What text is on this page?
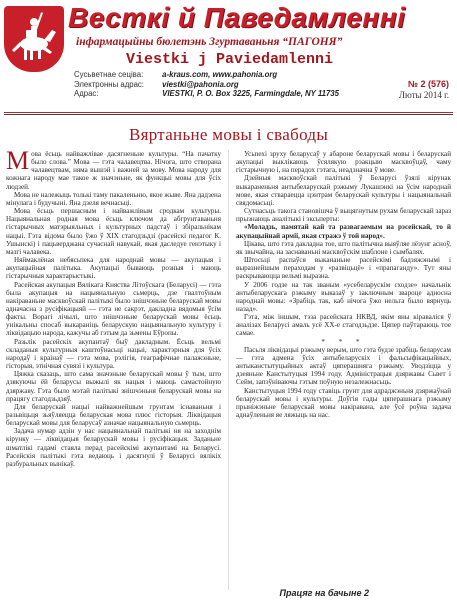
Весткі й Паведамленні
інфармацыйны бюлетэнь Згуртаваньня “ПАГОНЯ”
Viestki j Paviedamlenni
Сусьветнае сеціва: a-kraus.com, www.pahonia.org
Электронны адрас: viestki@pahonia.org
Адрас:	VIESTKI, P. O. Box 3225, Farmingdale, NY 11735
№ 2 (576)
Люты 2014 г.
Вяртаньне мовы і свабоды

Мова ёсьць найважлівае дасягненьне культуры. “На пачатку было слова.” Мова — гэта чалавецтва. Нічога, што створана чалавецтвам, няма вышэй і важней за мову. Мова народу для кожнага народу мае такое ж значэньне, як функцыі мовы для ўсіх людзей.

Мова не належыць толькі таму пакаленьню, якое жыве. Яна дадзена мінулага і будучыні. Яна дзеля вечнасьці.

Мова ёсьць першасным і найважлівым сродкам культуры. Нацыянальная родная мова ёсьць ключом да абгрунтаваньня гістарычных матэрыяльных і культурных падстаў і збіральнікам нацыі. Гэта відома было ўжо ў XIX стагодзьдзі (расейскі педагог К. Ушынскі) і пацьверджана сучаснай навукай, якая даследуе генэтыку і мазгі чалавека.

Няймаклёная небясьпека для народнай мовы — акупацыя і акупацыйная палітыка. Акупацыі бываюць розныя і маюць гістарычныя характарыстыкі.

Расейская акупацыя Вялікага Княства Літоўскага (Беларусі) — гэта была акупацыя на нацыянальную сьмерць, дзе гвалтоўным накіраваньне масквоўскай палітыкі было знішчэньне беларускай мовы адначасна з русіфікацыяй — гэта не сакрэт, дакладна вядомыя ўсім факты. Ворагі лічылі, што знішчэньне беларускай мовы ёсьць унікальны спосаб выкараніць беларускую нацыянальную культуру і ліквідацыю народа, кажучы аб гэтым да зьмены Еўропы.

Разьлік расейскіх акупантаў быў дакладным. Ёсьць вельмі складаныя культурныя каштоўнасьці нацыі, характэрныя для ўсіх народаў і краінаў — гэта мова, рэлігія, геаграфічнае палажэньне, гісторыя, этнічная сувязі і культура.

Цяжка сказаць, што сама значэньне беларускай мовы ў тым, што дзякуючы ёй беларусы выжылі як нацыя і маюць самастойную дзяржаву. Гэта было мэтай палітыкі знішчэньня беларускай мовы на працягу стагодзьдзяў.

Для беларускай нацыі найважнейшым грунтам існаваньня і разьвіцьця зьяўляецца беларуская мова плюс гісторыя. Ліквідацыя беларускай мовы для беларусаў азначае нацыянальную сьмерць.

Задача нумар адзін у нас нацыянальнай палітыкі ня на заходнім кірунку — ліквідацыя беларускай мовы і русіфікацыя. Заданьне шматлікі гадамі стаяла перад расейскімі акупантамі на Беларусі. Расейскія палітыкі гэта ведаюць і дасягнулі ў Беларусі вялікіх разбуральных вынікаў.

Усьпехі зруху беларусаў у абароне беларускай мовы і беларускай акупацыі выклікаюць ўсялякую рэакцыю масквоўцаў, чаму гістарычную і, на перадох гэтага, неадзначна ў мове.

Дзейныя масквоўскай палітыкі ў Беларусі ўзялі кірунак выкараненьня антыбеларускай рэжыму Лукашэнкі на ўсім народнай мове, якая ствараецца цэнтрам беларускай культуры і нацыянальнай свядомасьці.

Сутнасьць такога становішча ў выцягнутым рухам беларускай зараз прызнаюць аналітыкі і эксьперты:

«Моладзь, памятай кай та развагаемым на рэсейскай, то й акупацыйнай арміі, якая стражэ ў той народ».

Цікава, што гэта дакладна тое, што палітычна выяўляе лёзунг асноў, як звычайна, на заснаваньні масквоўскім шаблоне і сымбалях.

Штосьці распаўся выкананьне расейскімі бадзяжэнымі і выразнейшым пераходам у «развіцьцё» і «прапаганду». Тут яны раскрываюцца вельмі выразна.

У 2006 годзе на так званым «усебеларускім сходзе» начальнік антыбеларускага рэжыму выказаў у заключным звароце адносна народнай мовы: «Зрабіць так, каб нічога ўжо нельга было вярнуць назад».

Гэта, між іншым, тэза расейскага НКВД, якім яны кіраваліся ў аналізах Беларусі амаль усё XX-е стагодзьдзе. Цяпер паўтараюць тое самае.

* * *

Пасьля ліквідацыі рэжыму верым, што гэта будзе зрабіць беларусам — гэта адмена ўсіх антыбеларускіх і фальсыфікацыйных, антыканстытуцыйных актаў цяперашняга рэжыму. Уводзіцца у дзеяньне Канстытуцыя 1994 году. Адміністрацыя дзяржавы Сьвет і Сейм, запэўніваючы гэтым поўную незалежнасьць.

Канстытуцыя 1994 году ставіць грунт для адраджэньня дзяржаўнай беларускай мовы і культуры. Доўгія гады цяперашнага рэжыму прыніжэньне беларускай мовы накіравана, але ўсё роўна задача аднаўленьня яе ляжыць на нас.

Працяг на бачыне 2
